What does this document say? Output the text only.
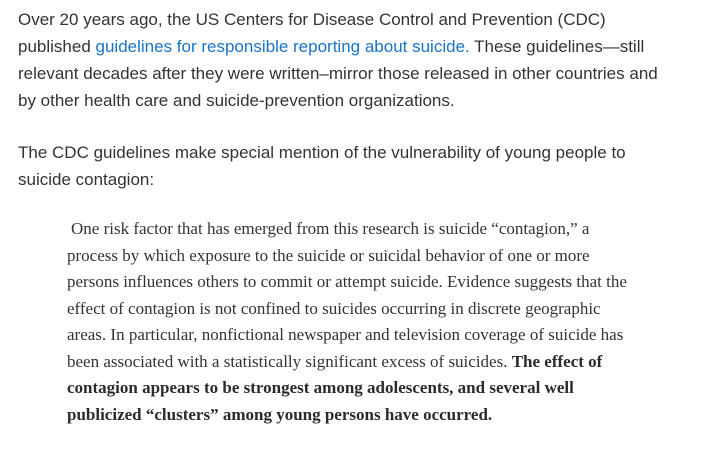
Over 20 years ago, the US Centers for Disease Control and Prevention (CDC) published guidelines for responsible reporting about suicide. These guidelines—still relevant decades after they were written–mirror those released in other countries and by other health care and suicide-prevention organizations.

The CDC guidelines make special mention of the vulnerability of young people to suicide contagion:

One risk factor that has emerged from this research is suicide “contagion,” a process by which exposure to the suicide or suicidal behavior of one or more persons influences others to commit or attempt suicide. Evidence suggests that the effect of contagion is not confined to suicides occurring in discrete geographic areas. In particular, nonfictional newspaper and television coverage of suicide has been associated with a statistically significant excess of suicides. The effect of contagion appears to be strongest among adolescents, and several well publicized “clusters” among young persons have occurred.
